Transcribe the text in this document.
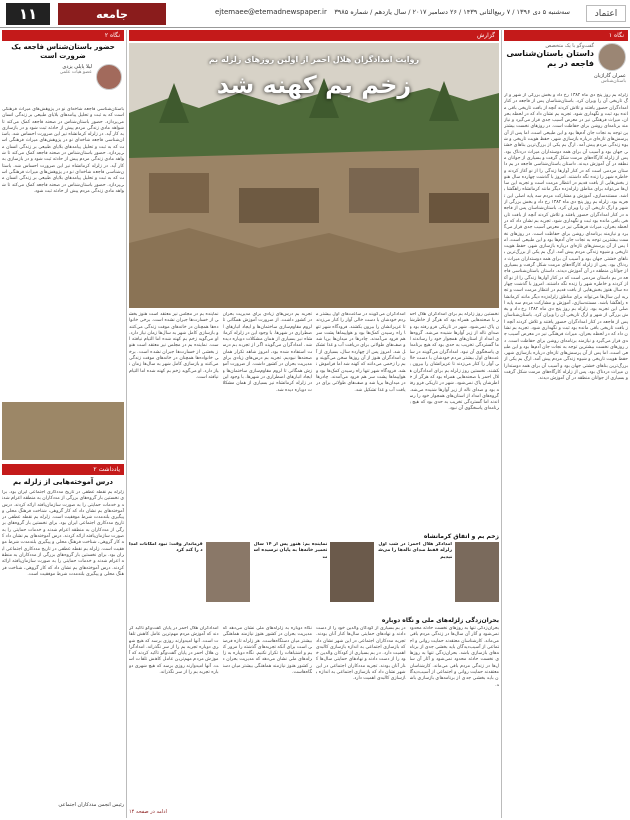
اعتماد
سه‌شنبه ۵ دی ۱۳۹۶ / ۷ ربیع‌الثانی ۱۴۳۹ / ۲۶ دسامبر ۲۰۱۷ / سال یازدهم / شماره ۳۹۸۵
ejtemaee@etemadnewspaper.ir
جامعه
۱۱
نگاه ۱
گفت‌وگو با یک متخصص
داستان باستان‌شناسی فاجعه در بم
عمران گاراژیان
باستان‌شناس
زلزله بم روز پنج دی ماه ۱۳۸۲ رخ داد و بخش بزرگی از شهر و ارگ تاریخی آن را ویران کرد. باستان‌شناسان پس از فاجعه در کنار امدادگران حضور یافتند و تلاش کردند آنچه از بافت تاریخی باقی مانده بود ثبت و نگهداری شود. تجربه بم نشان داد که در لحظه بحران، میراث فرهنگی نیز در معرض آسیب جدی قرار می‌گیرد و نیازمند برنامه‌ای روشن برای حفاظت است. در روزهای نخست بیشترین توجه به نجات جان آدم‌ها بود و این طبیعی است، اما پس از آن پرسش‌های تازه‌ای درباره بازسازی شهر، حفظ هویت تاریخی و شیوه زندگی مردم پیش آمد. ارگ بم یکی از بزرگ‌ترین بناهای خشتی جهان بود و آسیب آن برای همه دوستداران میراث دردناک بود. پس از زلزله کارگاه‌های مرمت شکل گرفت و بسیاری از جوانان منطقه در آن آموزش دیدند. داستان باستان‌شناسی فاجعه در بم داستان مردمی است که در کنار آوارها زندگی را از نو آغاز کردند و خاطره شهر را زنده نگه داشتند. امروز با گذشت چهارده سال هنوز بخش‌هایی از بافت قدیم در انتظار مرمت است و تجربه این سال‌ها می‌تواند برای مناطق زلزله‌زده دیگر مانند کرمانشاه راهگشا باشد. مستندسازی، آموزش و مشارکت مردم سه پایه اصلی این تجربه بود. زلزله بم روز پنج دی ماه ۱۳۸۲ رخ داد و بخش بزرگی از شهر و ارگ تاریخی آن را ویران کرد. باستان‌شناسان پس از فاجعه در کنار امدادگران حضور یافتند و تلاش کردند آنچه از بافت تاریخی باقی مانده بود ثبت و نگهداری شود. تجربه بم نشان داد که در لحظه بحران، میراث فرهنگی نیز در معرض آسیب جدی قرار می‌گیرد و نیازمند برنامه‌ای روشن برای حفاظت است. در روزهای نخست بیشترین توجه به نجات جان آدم‌ها بود و این طبیعی است، اما پس از آن پرسش‌های تازه‌ای درباره بازسازی شهر، حفظ هویت تاریخی و شیوه زندگی مردم پیش آمد. ارگ بم یکی از بزرگ‌ترین بناهای خشتی جهان بود و آسیب آن برای همه دوستداران میراث دردناک بود. پس از زلزله کارگاه‌های مرمت شکل گرفت و بسیاری از جوانان منطقه در آن آموزش دیدند. داستان باستان‌شناسی فاجعه در بم داستان مردمی است که در کنار آوارها زندگی را از نو آغاز کردند و خاطره شهر را زنده نگه داشتند. امروز با گذشت چهارده سال هنوز بخش‌هایی از بافت قدیم در انتظار مرمت است و تجربه این سال‌ها می‌تواند برای مناطق زلزله‌زده دیگر مانند کرمانشاه راهگشا باشد. مستندسازی، آموزش و مشارکت مردم سه پایه اصلی این تجربه بود. زلزله بم روز پنج دی ماه ۱۳۸۲ رخ داد و بخش بزرگی از شهر و ارگ تاریخی آن را ویران کرد. باستان‌شناسان پس از فاجعه در کنار امدادگران حضور یافتند و تلاش کردند آنچه از بافت تاریخی باقی مانده بود ثبت و نگهداری شود. تجربه بم نشان داد که در لحظه بحران، میراث فرهنگی نیز در معرض آسیب جدی قرار می‌گیرد و نیازمند برنامه‌ای روشن برای حفاظت است. در روزهای نخست بیشترین توجه به نجات جان آدم‌ها بود و این طبیعی است، اما پس از آن پرسش‌های تازه‌ای درباره بازسازی شهر، حفظ هویت تاریخی و شیوه زندگی مردم پیش آمد. ارگ بم یکی از بزرگ‌ترین بناهای خشتی جهان بود و آسیب آن برای همه دوستداران میراث دردناک بود. پس از زلزله کارگاه‌های مرمت شکل گرفت و بسیاری از جوانان منطقه در آن آموزش دیدند.
گزارش
روایت امدادگران هلال احمر از اولین روزهای زلزله بم
زخم بم کهنه شد
نخستین روز زلزله بم برای امدادگران هلال احمر با صحنه‌هایی همراه بود که هرگز از خاطرشان پاک نمی‌شود. شهر در تاریکی فرو رفته بود و صدای ناله از زیر آوارها شنیده می‌شد. گروه‌های امداد از استان‌های همجوار خود را رساندند اما گستردگی تخریب به حدی بود که هیچ برنامه‌ای پاسخگوی آن نبود. امدادگران می‌گویند در ساعت‌های اول بیشتر مردم خودشان با دست خالی آوار را کنار می‌زدند تا عزیزانشان را بیرون بکشند. نخستین روز زلزله بم برای امدادگران هلال احمر با صحنه‌هایی همراه بود که هرگز از خاطرشان پاک نمی‌شود. شهر در تاریکی فرو رفته بود و صدای ناله از زیر آوارها شنیده می‌شد. گروه‌های امداد از استان‌های همجوار خود را رساندند اما گستردگی تخریب به حدی بود که هیچ برنامه‌ای پاسخگوی آن نبود.
امدادگران می‌گویند در ساعت‌های اول بیشتر مردم خودشان با دست خالی آوار را کنار می‌زدند تا عزیزانشان را بیرون بکشند. فرودگاه شهر تنها راه رسیدن کمک‌ها بود و هواپیماها پشت سر هم فرود می‌آمدند. چادرها در میدان‌ها برپا شد و صف‌های طولانی برای دریافت آب و غذا تشکیل شد. امروز پس از چهارده سال، بسیاری از آن امدادگران هنوز از آن روزها سخن می‌گویند و بم را زخمی می‌دانند که کهنه شد اما فراموش نشد. فرودگاه شهر تنها راه رسیدن کمک‌ها بود و هواپیماها پشت سر هم فرود می‌آمدند. چادرها در میدان‌ها برپا شد و صف‌های طولانی برای دریافت آب و غذا تشکیل شد.
تجربه بم درس‌های زیادی برای مدیریت بحران در کشور داشت. از ضرورت آموزش همگانی تا لزوم مقاوم‌سازی ساختمان‌ها و ایجاد انبارهای اضطراری در شهرها. با وجود این در زلزله کرمانشاه نیز بسیاری از همان مشکلات دوباره دیده شد. امدادگران می‌گویند اگر از تجربه بم درست استفاده شده بود، امروز شاهد تکرار همان صحنه‌ها نبودیم. تجربه بم درس‌های زیادی برای مدیریت بحران در کشور داشت. از ضرورت آموزش همگانی تا لزوم مقاوم‌سازی ساختمان‌ها و ایجاد انبارهای اضطراری در شهرها. با وجود این در زلزله کرمانشاه نیز بسیاری از همان مشکلات دوباره دیده شد.
نماینده بم در مجلس نیز معتقد است هنوز بخشی از خسارت‌ها جبران نشده است. برخی خانواده‌ها همچنان در خانه‌های موقت زندگی می‌کنند و بازسازی کامل شهر به سال‌ها زمان نیاز دارد. او می‌گوید زخم بم کهنه شده اما التیام نیافته است. نماینده بم در مجلس نیز معتقد است هنوز بخشی از خسارت‌ها جبران نشده است. برخی خانواده‌ها همچنان در خانه‌های موقت زندگی می‌کنند و بازسازی کامل شهر به سال‌ها زمان نیاز دارد. او می‌گوید زخم بم کهنه شده اما التیام نیافته است.
زخم بم و اتفاق کرمانشاه
امدادگر هلال احمر: در شب اول زلزله فقط صدای ناله‌ها را می‌شنیدیم
نماینده بم: هنوز پس از ۱۴ سال تعمیر خانه‌ها به پایان نرسیده است
فرماندار وقت: نبود امکانات امداد را کند کرد
بحران‌زدگی زلزله‌های ملی و نگاه دوباره
بحران‌زدگی تنها به روزهای نخست حادثه محدود نمی‌شود و آثار آن سال‌ها در زندگی مردم باقی می‌ماند. کارشناسان معتقدند حمایت روانی و اجتماعی از آسیب‌دیدگان باید بخشی جدی از برنامه‌های بازسازی باشد. بحران‌زدگی تنها به روزهای نخست حادثه محدود نمی‌شود و آثار آن سال‌ها در زندگی مردم باقی می‌ماند. کارشناسان معتقدند حمایت روانی و اجتماعی از آسیب‌دیدگان باید بخشی جدی از برنامه‌های بازسازی باشد.
در بم بسیاری از کودکان والدین خود را از دست دادند و نهادهای حمایتی سال‌ها کنار آنان بودند. تجربه مددکاران اجتماعی در این شهر نشان داد که بازسازی اجتماعی به اندازه بازسازی کالبدی اهمیت دارد. در بم بسیاری از کودکان والدین خود را از دست دادند و نهادهای حمایتی سال‌ها کنار آنان بودند. تجربه مددکاران اجتماعی در این شهر نشان داد که بازسازی اجتماعی به اندازه بازسازی کالبدی اهمیت دارد.
نگاه دوباره به زلزله‌های ملی نشان می‌دهد که مدیریت بحران در کشور هنوز نیازمند هماهنگی بیشتر میان دستگاه‌هاست. هر زلزله تازه فرصتی است برای آنکه تجربه‌های گذشته را مرور کنیم و اشتباهات را تکرار نکنیم. نگاه دوباره به زلزله‌های ملی نشان می‌دهد که مدیریت بحران در کشور هنوز نیازمند هماهنگی بیشتر میان دستگاه‌هاست.
امدادگران هلال احمر در پایان گفت‌وگو تاکید کردند که آموزش مردم مهم‌ترین عامل کاهش تلفات است. آنها امیدوارند روزی برسد که هیچ شهری دوباره تجربه بم را از سر نگذراند. امدادگران هلال احمر در پایان گفت‌وگو تاکید کردند که آموزش مردم مهم‌ترین عامل کاهش تلفات است. آنها امیدوارند روزی برسد که هیچ شهری دوباره تجربه بم را از سر نگذراند.
ادامه در صفحه ۱۴
نگاه ۲
حضور باستان‌شناس فاجعه یک ضرورت است
لیلا پاپلی یزدی
عضو هیات علمی
باستان‌شناسی فاجعه شاخه‌ای نو در پژوهش‌های میراث فرهنگی است که به ثبت و تحلیل پیامدهای بلایای طبیعی بر زندگی انسان می‌پردازد. حضور باستان‌شناس در صحنه فاجعه کمک می‌کند تا شواهد مادی زندگی مردم پیش از حادثه ثبت شود و در بازسازی به کار آید. در زلزله کرمانشاه نیز این ضرورت احساس شد. باستان‌شناسی فاجعه شاخه‌ای نو در پژوهش‌های میراث فرهنگی است که به ثبت و تحلیل پیامدهای بلایای طبیعی بر زندگی انسان می‌پردازد. حضور باستان‌شناس در صحنه فاجعه کمک می‌کند تا شواهد مادی زندگی مردم پیش از حادثه ثبت شود و در بازسازی به کار آید. در زلزله کرمانشاه نیز این ضرورت احساس شد. باستان‌شناسی فاجعه شاخه‌ای نو در پژوهش‌های میراث فرهنگی است که به ثبت و تحلیل پیامدهای بلایای طبیعی بر زندگی انسان می‌پردازد. حضور باستان‌شناس در صحنه فاجعه کمک می‌کند تا شواهد مادی زندگی مردم پیش از حادثه ثبت شود.
یادداشت ۲
درس آموخته‌هایی از زلزله بم
زلزله بم نقطه عطفی در تاریخ مددکاری اجتماعی ایران بود. برای نخستین بار گروه‌های بزرگی از مددکاران به منطقه اعزام شدند و خدمات حمایتی را به صورت سازمان‌یافته ارائه کردند. درس آموخته‌های بم نشان داد که کار گروهی، شناخت فرهنگ محلی و پیگیری بلندمدت شرط موفقیت است. زلزله بم نقطه عطفی در تاریخ مددکاری اجتماعی ایران بود. برای نخستین بار گروه‌های بزرگی از مددکاران به منطقه اعزام شدند و خدمات حمایتی را به صورت سازمان‌یافته ارائه کردند. درس آموخته‌های بم نشان داد که کار گروهی، شناخت فرهنگ محلی و پیگیری بلندمدت شرط موفقیت است. زلزله بم نقطه عطفی در تاریخ مددکاری اجتماعی ایران بود. برای نخستین بار گروه‌های بزرگی از مددکاران به منطقه اعزام شدند و خدمات حمایتی را به صورت سازمان‌یافته ارائه کردند. درس آموخته‌های بم نشان داد که کار گروهی، شناخت فرهنگ محلی و پیگیری بلندمدت شرط موفقیت است.
رئیس انجمن مددکاران اجتماعی
